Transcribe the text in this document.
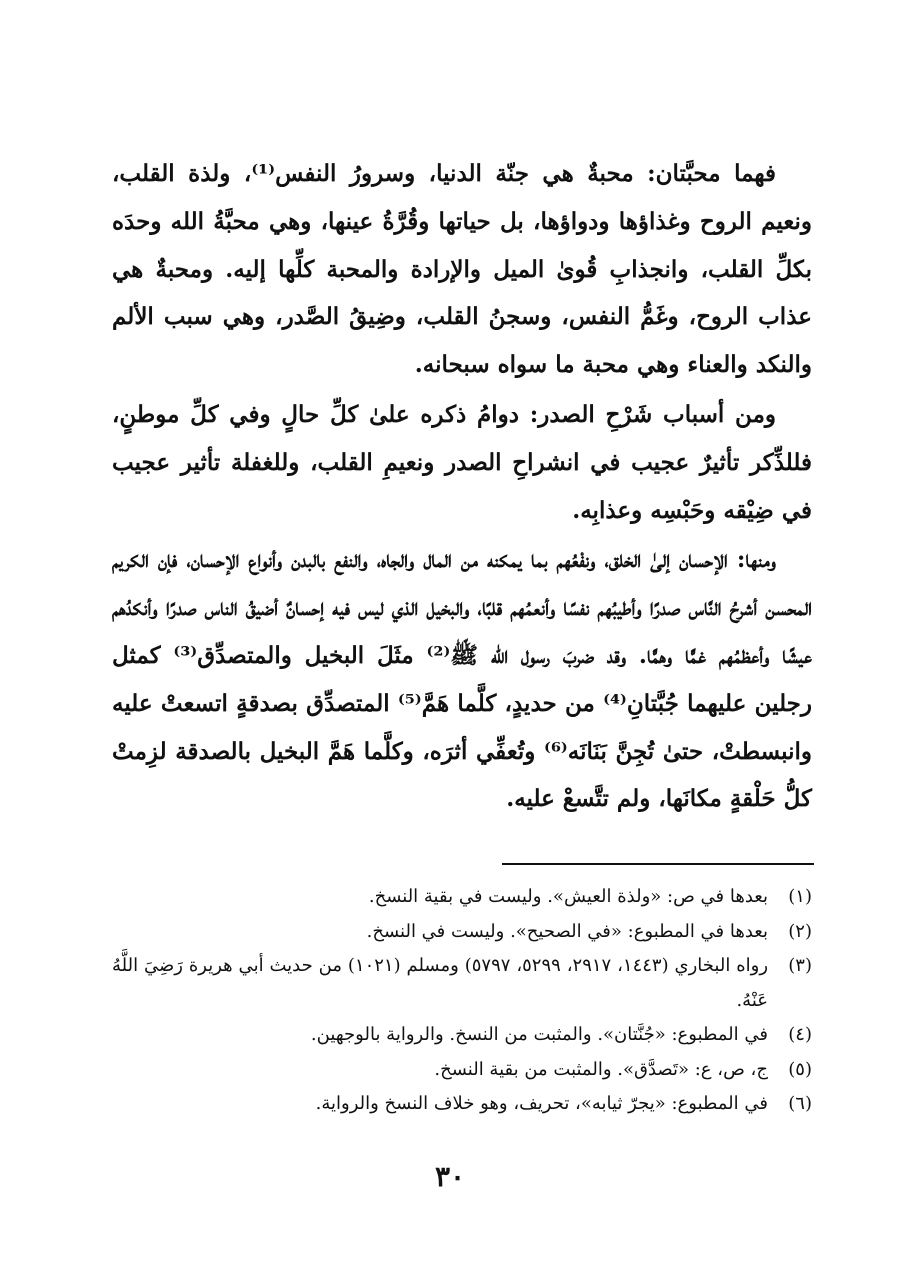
فهما محبَّتان: محبةٌ هي جنّة الدنيا، وسرورُ النفس⁽¹⁾، ولذة القلب، ونعيم الروح وغذاؤها ودواؤها، بل حياتها وقُرَّةُ عينها، وهي محبَّةُ الله وحدَه بكلِّ القلب، وانجذابِ قُوىٰ الميل والإرادة والمحبة كلِّها إليه. ومحبةٌ هي عذاب الروح، وغَمُّ النفس، وسجنُ القلب، وضِيقُ الصَّدر، وهي سبب الألم والنكد والعناء وهي محبة ما سواه سبحانه.

ومن أسباب شَرْحِ الصدر: دوامُ ذكره علىٰ كلِّ حالٍ وفي كلِّ موطنٍ، فللذِّكر تأثيرٌ عجيب في انشراحِ الصدر ونعيمِ القلب، وللغفلة تأثير عجيب في ضِيْقه وحَبْسِه وعذابِه.

ومنها: الإحسان إلىٰ الخلق، ونفْعُهم بما يمكنه من المال والجاه، والنفع بالبدن وأنواع الإحسان، فإن الكريم المحسن أشرحُ النَّاس صدرًا وأطيبُهم نفسًا وأنعمُهم قلبًا، والبخيل الذي ليس فيه إحسانٌ أضيقُ الناس صدرًا وأنكدُهم عيشًا وأعظمُهم غمًّا وهمًّا. وقد ضربَ رسول الله ﷺ⁽²⁾ مثَلَ البخيل والمتصدِّق⁽³⁾ كمثل رجلين عليهما جُبَّتانِ⁽⁴⁾ من حديدٍ، كلَّما هَمَّ⁽⁵⁾ المتصدِّق بصدقةٍ اتسعتْ عليه وانبسطتْ، حتىٰ تُجِنَّ بَنَانَه⁽⁶⁾ وتُعفِّي أثرَه، وكلَّما هَمَّ البخيل بالصدقة لزِمتْ كلُّ حَلْقةٍ مكانَها، ولم تتَّسعْ عليه.

(١)
بعدها في ص: «ولذة العيش». وليست في بقية النسخ.
(٢)
بعدها في المطبوع: «في الصحيح». وليست في النسخ.
(٣)
رواه البخاري (١٤٤٣، ٢٩١٧، ٥٢٩٩، ٥٧٩٧) ومسلم (١٠٢١) من حديث أبي هريرة رَضِيَ اللَّهُ عَنْهُ.
(٤)
في المطبوع: «جُنَّتان». والمثبت من النسخ. والرواية بالوجهين.
(٥)
ج، ص، ع: «تَصدَّق». والمثبت من بقية النسخ.
(٦)
في المطبوع: «يجرّ ثيابه»، تحريف، وهو خلاف النسخ والرواية.
٣٠
